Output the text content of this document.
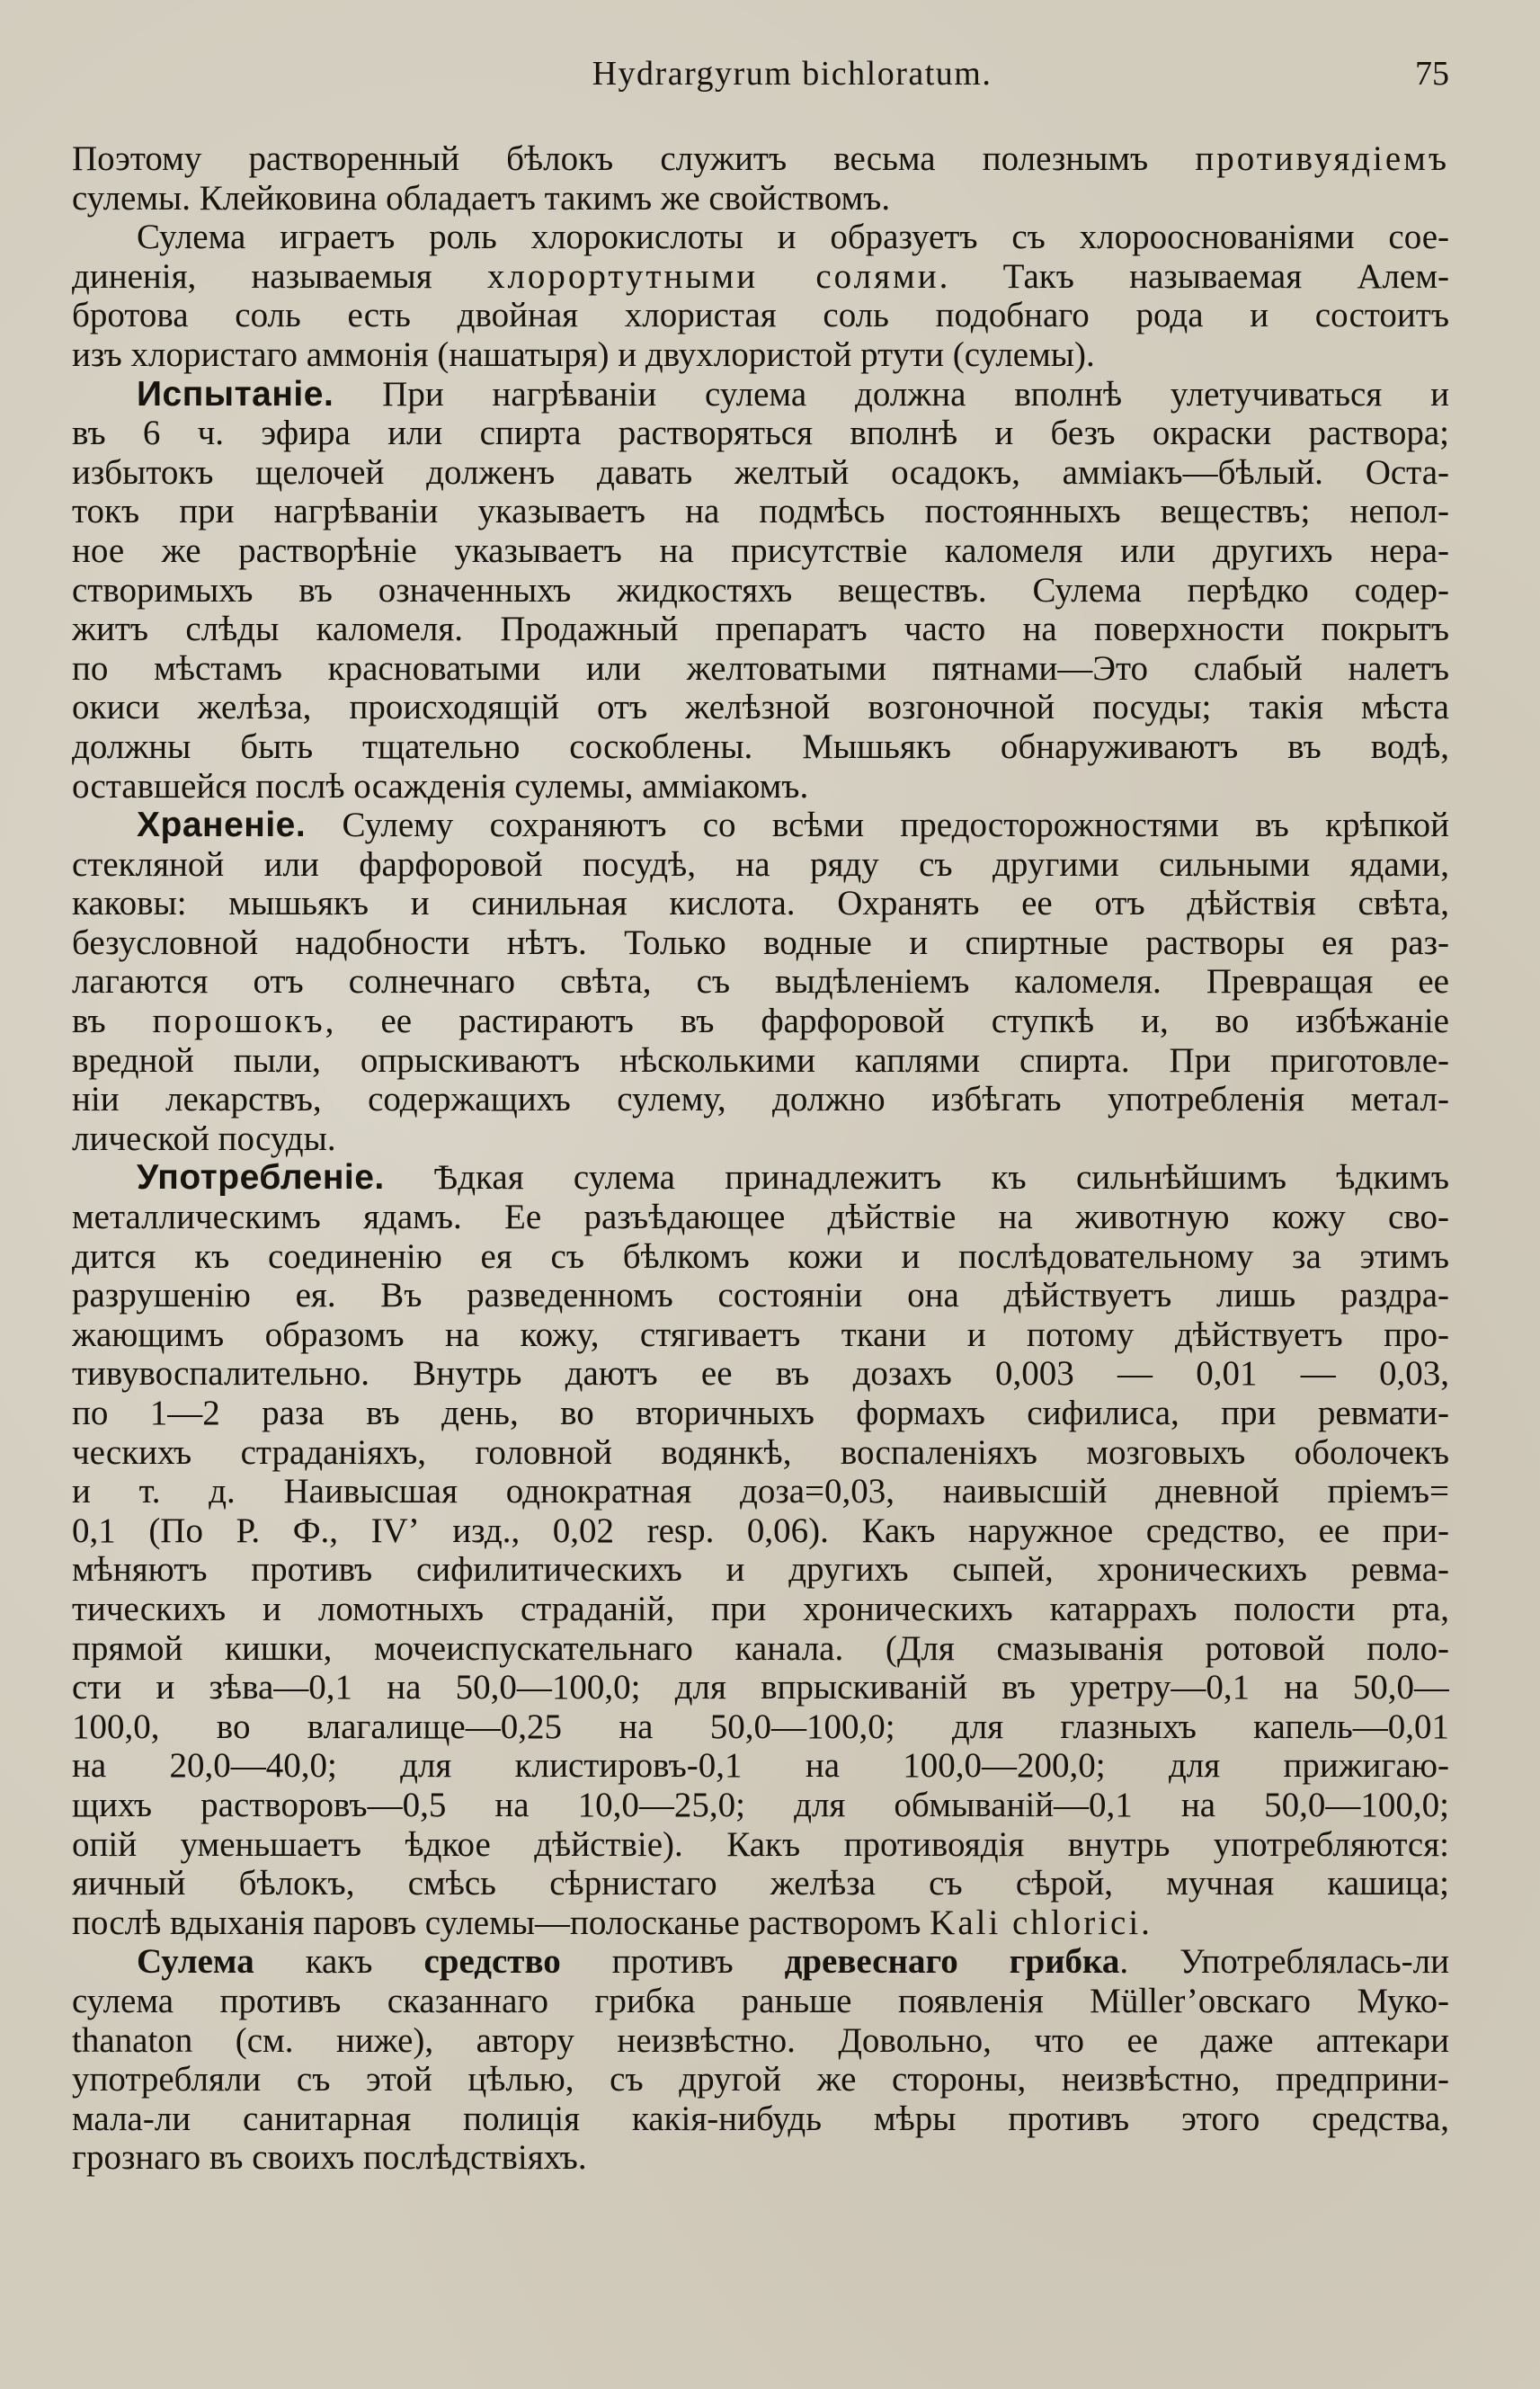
Hydrargyrum bichloratum.	75
Поэтому растворенный бѣлокъ служитъ весьма полезнымъ противуядіемъ
сулемы. Клейковина обладаетъ такимъ же свойствомъ.
Сулема играетъ роль хлорокислоты и образуетъ съ хлорооснованіями сое-
диненія, называемыя хлорортутными солями. Такъ называемая Алем-
бротова соль есть двойная хлористая соль подобнаго рода и состоитъ
изъ хлористаго аммонія (нашатыря) и двухлористой ртути (сулемы).
Испытаніе. При нагрѣваніи сулема должна вполнѣ улетучиваться и
въ 6 ч. эфира или спирта растворяться вполнѣ и безъ окраски раствора;
избытокъ щелочей долженъ давать желтый осадокъ, амміакъ—бѣлый. Оста-
токъ при нагрѣваніи указываетъ на подмѣсь постоянныхъ веществъ; непол-
ное же растворѣніе указываетъ на присутствіе каломеля или другихъ нера-
створимыхъ въ означенныхъ жидкостяхъ веществъ. Сулема перѣдко содер-
житъ слѣды каломеля. Продажный препаратъ часто на поверхности покрытъ
по мѣстамъ красноватыми или желтоватыми пятнами—Это слабый налетъ
окиси желѣза, происходящій отъ желѣзной возгоночной посуды; такія мѣста
должны быть тщательно соскоблены. Мышьякъ обнаруживаютъ въ водѣ,
оставшейся послѣ осажденія сулемы, амміакомъ.
Храненіе. Сулему сохраняютъ со всѣми предосторожностями въ крѣпкой
стекляной или фарфоровой посудѣ, на ряду съ другими сильными ядами,
каковы: мышьякъ и синильная кислота. Охранять ее отъ дѣйствія свѣта,
безусловной надобности нѣтъ. Только водные и спиртные растворы ея раз-
лагаются отъ солнечнаго свѣта, съ выдѣленіемъ каломеля. Превращая ее
въ порошокъ, ее растираютъ въ фарфоровой ступкѣ и, во избѣжаніе
вредной пыли, опрыскиваютъ нѣсколькими каплями спирта. При приготовле-
ніи лекарствъ, содержащихъ сулему, должно избѣгать употребленія метал-
лической посуды.
Употребленіе. Ѣдкая сулема принадлежитъ къ сильнѣйшимъ ѣдкимъ
металлическимъ ядамъ. Ее разъѣдающее дѣйствіе на животную кожу сво-
дится къ соединенію ея съ бѣлкомъ кожи и послѣдовательному за этимъ
разрушенію ея. Въ разведенномъ состояніи она дѣйствуетъ лишь раздра-
жающимъ образомъ на кожу, стягиваетъ ткани и потому дѣйствуетъ про-
тивувоспалительно. Внутрь даютъ ее въ дозахъ 0,003 — 0,01 — 0,03,
по 1—2 раза въ день, во вторичныхъ формахъ сифилиса, при ревмати-
ческихъ страданіяхъ, головной водянкѣ, воспаленіяхъ мозговыхъ оболочекъ
и т. д. Наивысшая однократная доза=0,03, наивысшій дневной пріемъ=
0,1 (По Р. Ф., IVʼ изд., 0,02 resp. 0,06). Какъ наружное средство, ее при-
мѣняютъ противъ сифилитическихъ и другихъ сыпей, хроническихъ ревма-
тическихъ и ломотныхъ страданій, при хроническихъ катаррахъ полости рта,
прямой кишки, мочеиспускательнаго канала. (Для смазыванія ротовой поло-
сти и зѣва—0,1 на 50,0—100,0; для впрыскиваній въ уретру—0,1 на 50,0—
100,0, во влагалище—0,25 на 50,0—100,0; для глазныхъ капель—0,01
на 20,0—40,0; для клистировъ-0,1 на 100,0—200,0; для прижигаю-
щихъ растворовъ—0,5 на 10,0—25,0; для обмываній—0,1 на 50,0—100,0;
опій уменьшаетъ ѣдкое дѣйствіе). Какъ противоядія внутрь употребляются:
яичный бѣлокъ, смѣсь сѣрнистаго желѣза съ сѣрой, мучная кашица;
послѣ вдыханія паровъ сулемы—полосканье растворомъ Kali chlorici.
Сулема какъ средство противъ древеснаго грибка. Употреблялась-ли
сулема противъ сказаннаго грибка раньше появленія Müller’овскаго Муко-
thanaton (см. ниже), автору неизвѣстно. Довольно, что ее даже аптекари
употребляли съ этой цѣлью, съ другой же стороны, неизвѣстно, предприни-
мала-ли санитарная полиція какія-нибудь мѣры противъ этого средства,
грознаго въ своихъ послѣдствіяхъ.
